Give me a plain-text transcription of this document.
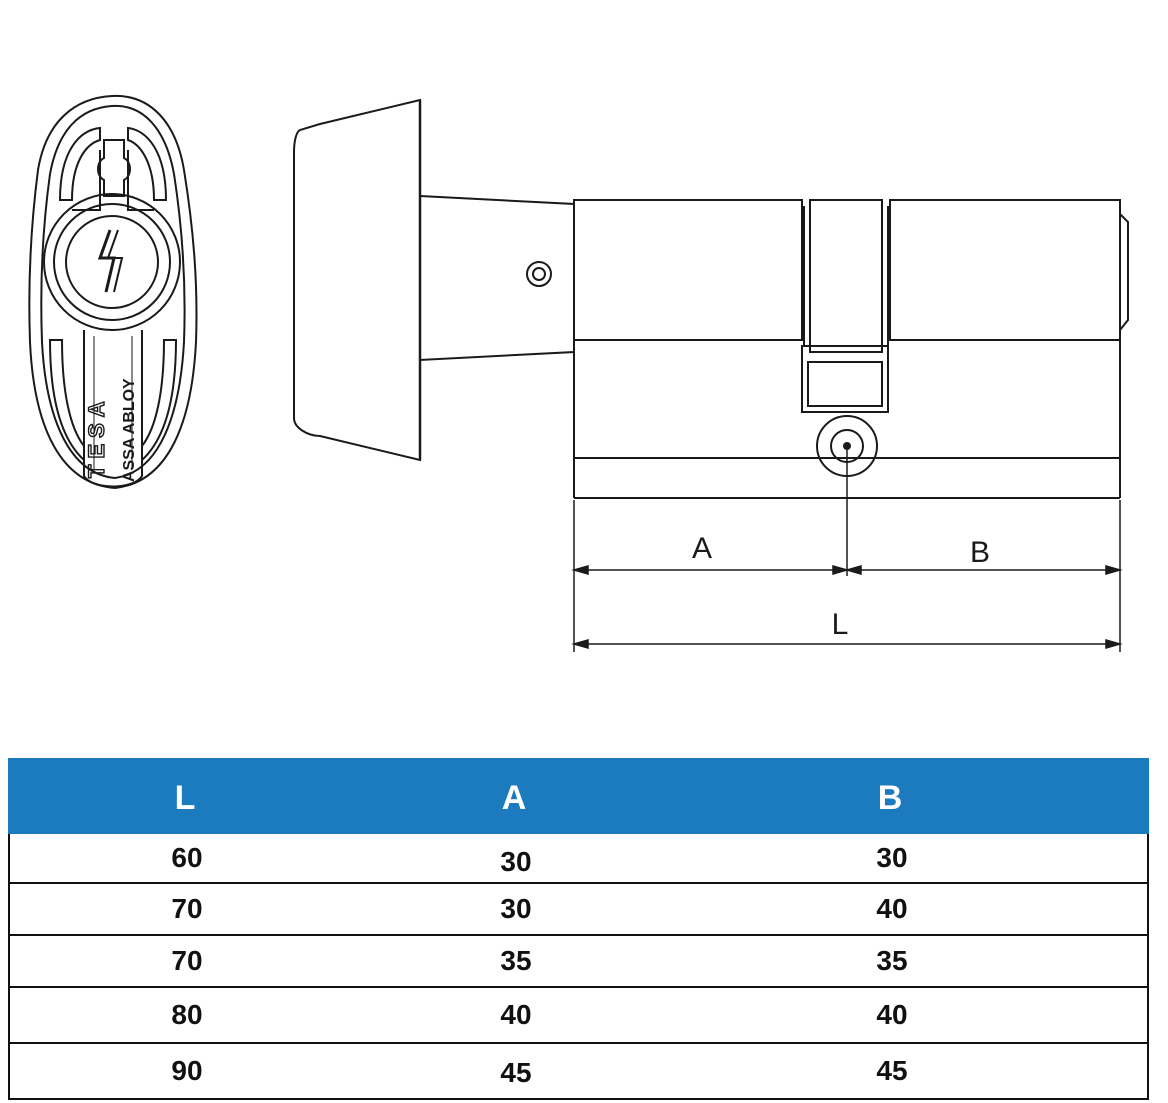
TESA ASSA ABLOY
A	B
L
L	A	B
60	30	30
70	30	40
70	35	35
80	40	40
90	45	45
